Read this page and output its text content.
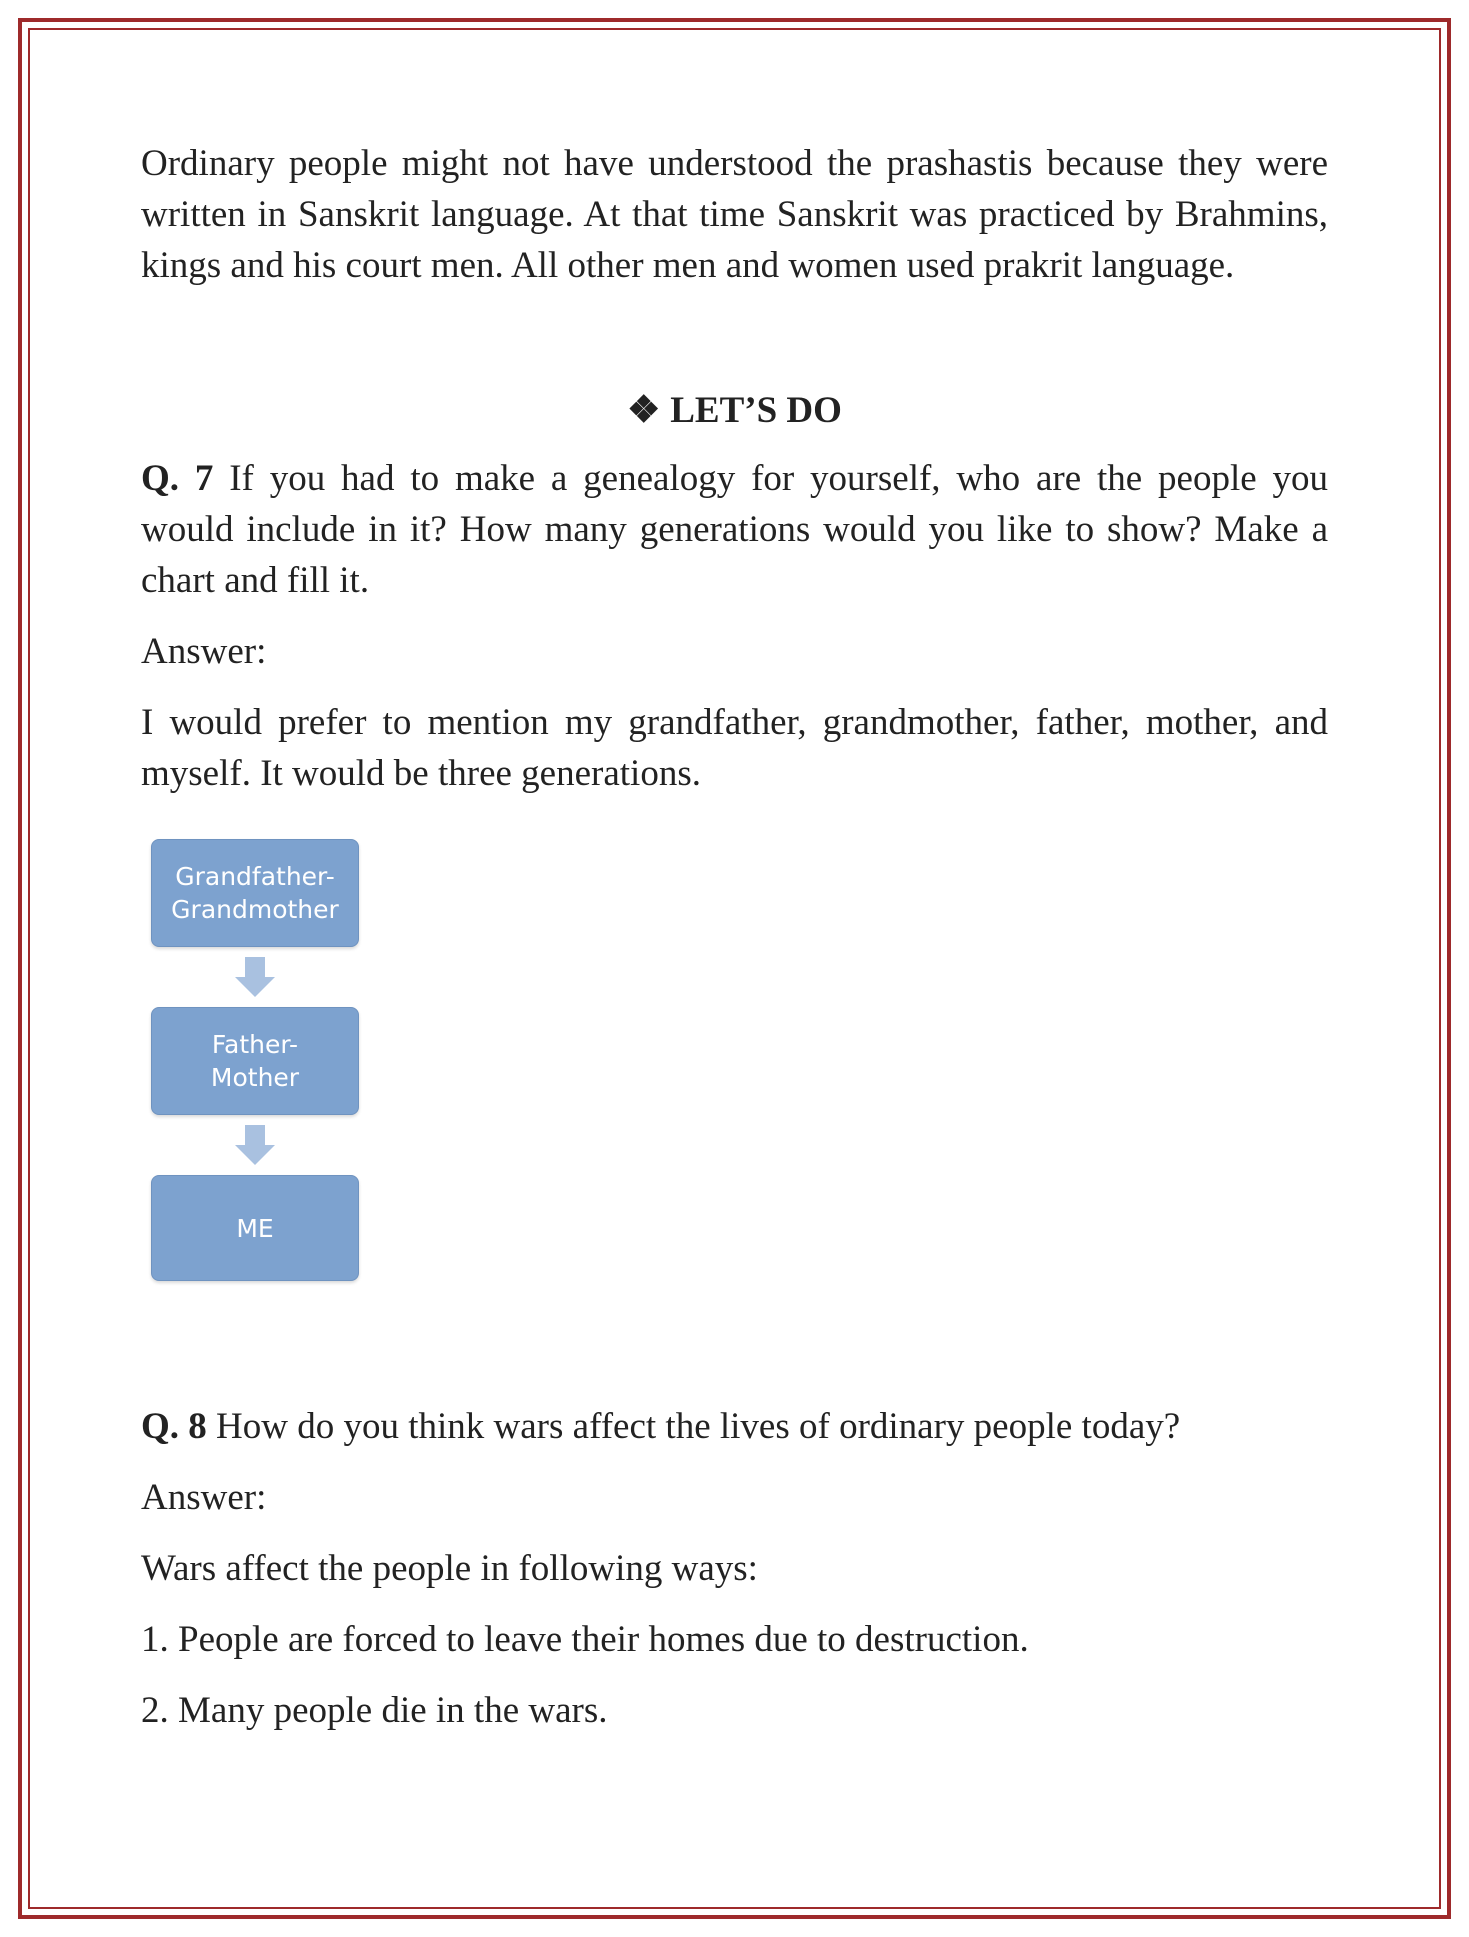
Ordinary people might not have understood the prashastis because they were written in Sanskrit language. At that time Sanskrit was practiced by Brahmins, kings and his court men. All other men and women used prakrit language.

❖ LET’S DO

Q. 7 If you had to make a genealogy for yourself, who are the people you would include in it? How many generations would you like to show? Make a chart and fill it.

Answer:

I would prefer to mention my grandfather, grandmother, father, mother, and myself. It would be three generations.

Grandfather-
Grandmother
Father-
Mother
ME

Q. 8 How do you think wars affect the lives of ordinary people today?

Answer:

Wars affect the people in following ways:

1. People are forced to leave their homes due to destruction.

2. Many people die in the wars.
